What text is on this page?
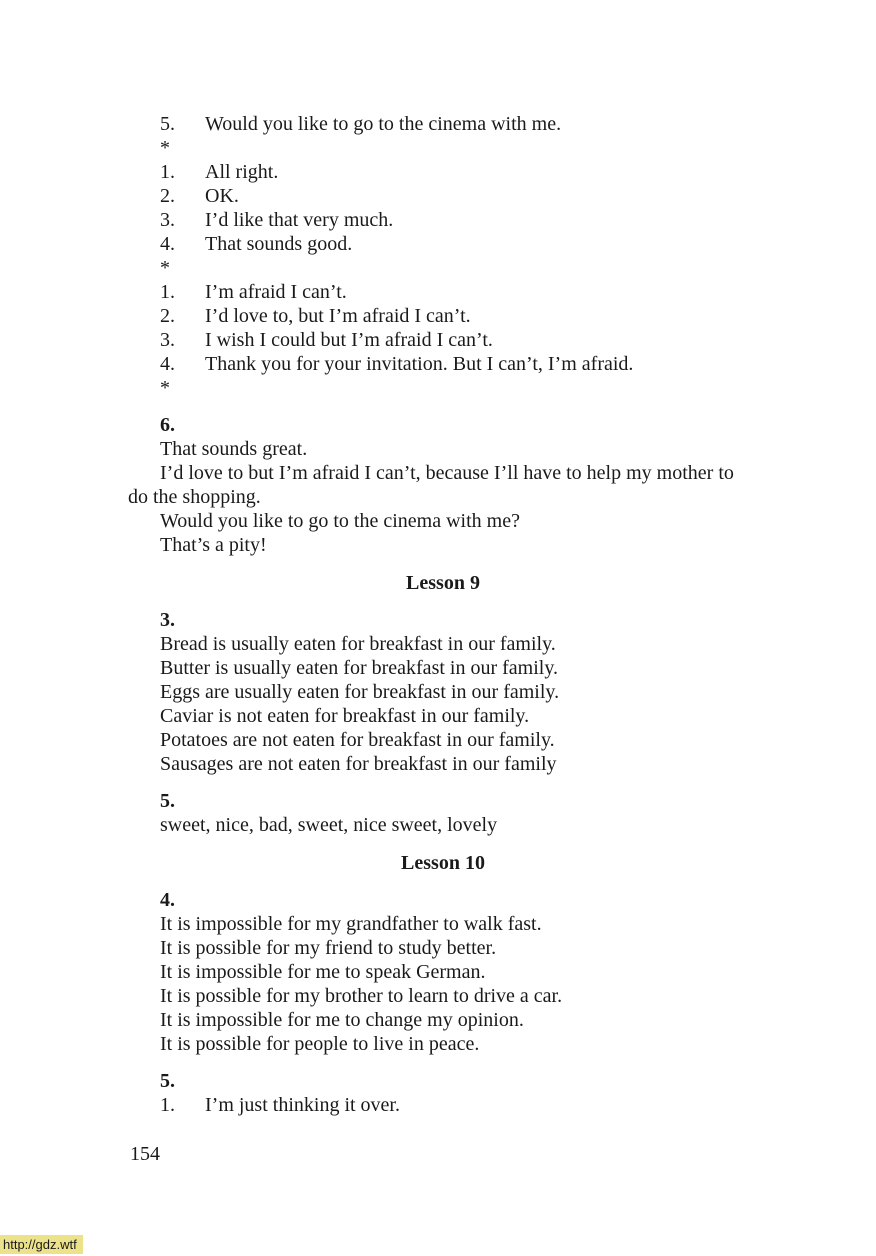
5.	Would you like to go to the cinema with me.
*
1.	All right.
2.	OK.
3.	I’d like that very much.
4.	That sounds good.
*
1.	I’m afraid I can’t.
2.	I’d love to, but I’m afraid I can’t.
3.	I wish I could but I’m afraid I can’t.
4.	Thank you for your invitation. But I can’t, I’m afraid.
*
6.

That sounds great.

I’d love to but I’m afraid I can’t, because I’ll have to help my mother to do the shopping.

Would you like to go to the cinema with me?

That’s a pity!

Lesson 9
3.

Bread is usually eaten for breakfast in our family.

Butter is usually eaten for breakfast in our family.

Eggs are usually eaten for breakfast in our family.

Caviar is not eaten for breakfast in our family.

Potatoes are not eaten for breakfast in our family.

Sausages are not eaten for breakfast in our family

5.

sweet, nice, bad, sweet, nice sweet, lovely

Lesson 10
4.

It is impossible for my grandfather to walk fast.

It is possible for my friend to study better.

It is impossible for me to speak German.

It is possible for my brother to learn to drive a car.

It is impossible for me to change my opinion.

It is possible for people to live in peace.

5.
1.	I’m just thinking it over.
154
http://gdz.wtf
